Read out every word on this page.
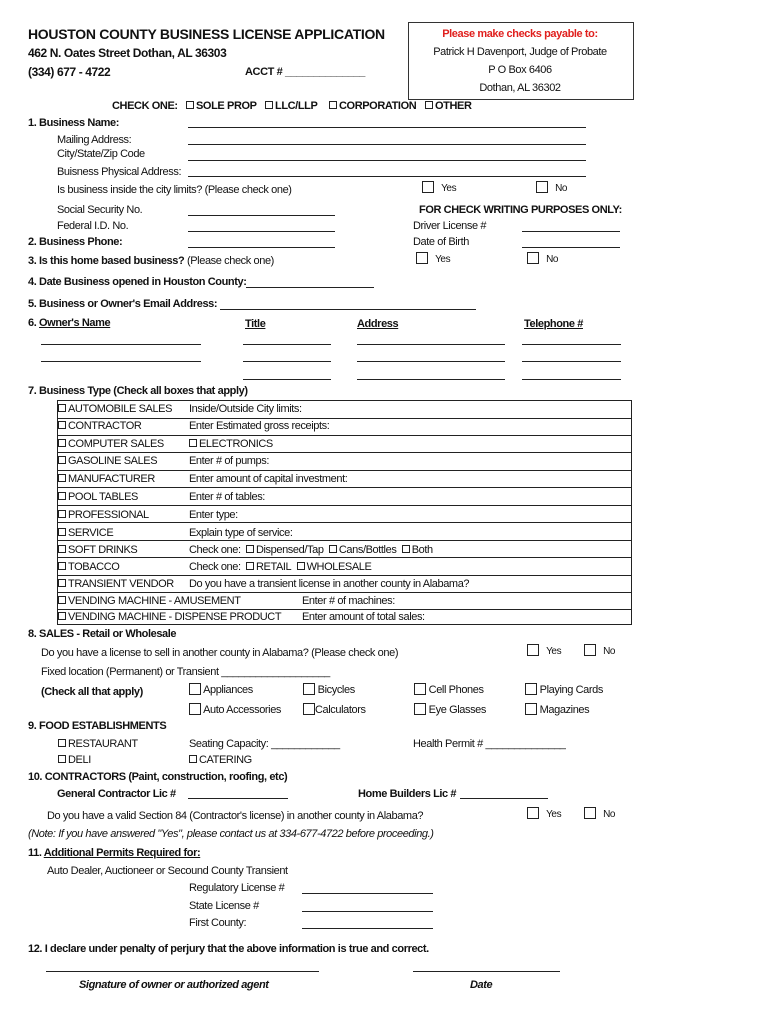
HOUSTON COUNTY BUSINESS LICENSE APPLICATION
462 N. Oates Street Dothan, AL 36303
(334) 677 - 4722	ACCT # ______________
Please make checks payable to:
Patrick H Davenport, Judge of Probate
P O Box 6406
Dothan, AL 36302
CHECK ONE:	SOLE PROP	LLC/LLP	CORPORATION	OTHER
1. Business Name:
Mailing Address:
City/State/Zip Code
Buisness Physical Address:
Is business inside the city limits? (Please check one)	Yes	No
Social Security No.
Federal I.D. No.
FOR CHECK WRITING PURPOSES ONLY:
Driver License #
Date of Birth
2. Business Phone:
3. Is this home based business? (Please check one)	Yes	No
4. Date Business opened in Houston County:
5. Business or Owner's Email Address:
6. Owner's Name	Title	Address	Telephone #
7. Business Type (Check all boxes that apply)
AUTOMOBILE SALES Inside/Outside City limits:
CONTRACTOR	Enter Estimated gross receipts:
COMPUTER SALES	ELECTRONICS
GASOLINE SALES	Enter # of pumps:
MANUFACTURER	Enter amount of capital investment:
POOL TABLES	Enter # of tables:
PROFESSIONAL	Enter type:
SERVICE	Explain type of service:
SOFT DRINKS	Check one: Dispensed/Tap Cans/Bottles Both
TOBACCO	Check one: RETAIL WHOLESALE
TRANSIENT VENDOR Do you have a transient license in another county in Alabama?
VENDING MACHINE - AMUSEMENT	Enter # of machines:
VENDING MACHINE - DISPENSE PRODUCT Enter amount of total sales:
8. SALES - Retail or Wholesale
Do you have a license to sell in another county in Alabama? (Please check one)	Yes	No
Fixed location (Permanent) or Transient ___________________
(Check all that apply)	Appliances	Bicycles	Cell Phones	Playing Cards
Auto Accessories	Calculators	Eye Glasses	Magazines
9. FOOD ESTABLISHMENTS
RESTAURANT	Seating Capacity: ____________	Health Permit # ______________
DELI	CATERING
10. CONTRACTORS (Paint, construction, roofing, etc)
General Contractor Lic #	Home Builders Lic #
Do you have a valid Section 84 (Contractor's license) in another county in Alabama?	Yes	No
(Note: If you have answered "Yes", please contact us at 334-677-4722 before proceeding.)
11. Additional Permits Required for:
Auto Dealer, Auctioneer or Secound County Transient
Regulatory License #
State License #
First County:
12. I declare under penalty of perjury that the above information is true and correct.
Signature of owner or authorized agent	Date
